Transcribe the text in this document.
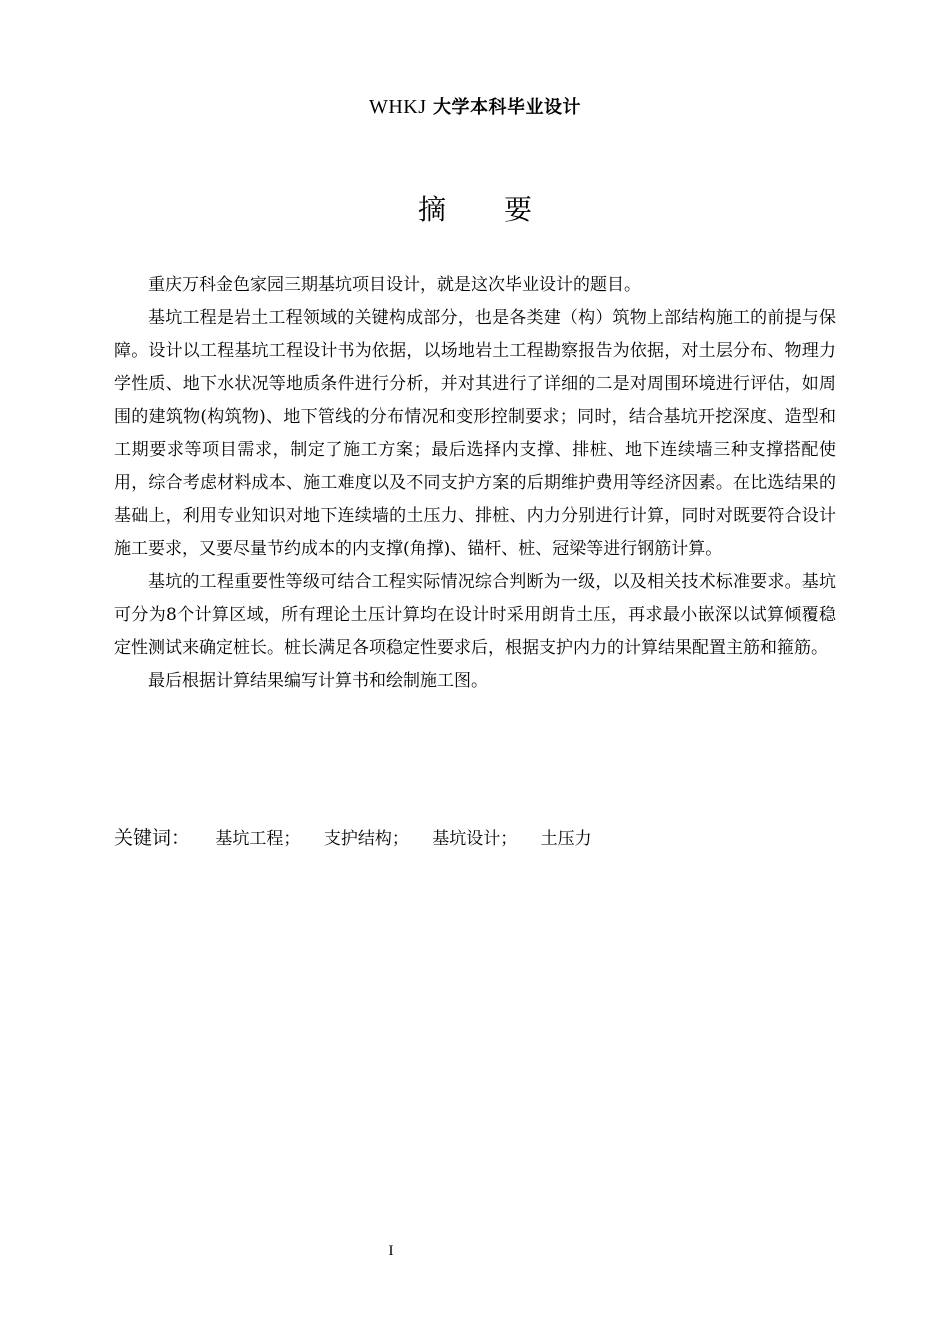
WHKJ 大学本科毕业设计
摘要

重庆万科金色家园三期基坑项目设计，就是这次毕业设计的题目。

基坑工程是岩土工程领域的关键构成部分，也是各类建（构）筑物上部结构施工的前提与保障。设计以工程基坑工程设计书为依据，以场地岩土工程勘察报告为依据，对土层分布、物理力学性质、地下水状况等地质条件进行分析，并对其进行了详细的二是对周围环境进行评估，如周围的建筑物(构筑物)、地下管线的分布情况和变形控制要求；同时，结合基坑开挖深度、造型和工期要求等项目需求，制定了施工方案；最后选择内支撑、排桩、地下连续墙三种支撑搭配使用，综合考虑材料成本、施工难度以及不同支护方案的后期维护费用等经济因素。在比选结果的基础上，利用专业知识对地下连续墙的土压力、排桩、内力分别进行计算，同时对既要符合设计施工要求，又要尽量节约成本的内支撑(角撑)、锚杆、桩、冠梁等进行钢筋计算。

基坑的工程重要性等级可结合工程实际情况综合判断为一级，以及相关技术标准要求。基坑可分为8个计算区域，所有理论土压计算均在设计时采用朗肯土压，再求最小嵌深以试算倾覆稳定性测试来确定桩长。桩长满足各项稳定性要求后，根据支护内力的计算结果配置主筋和箍筋。

最后根据计算结果编写计算书和绘制施工图。

关键词： 基坑工程； 支护结构； 基坑设计； 土压力
I
